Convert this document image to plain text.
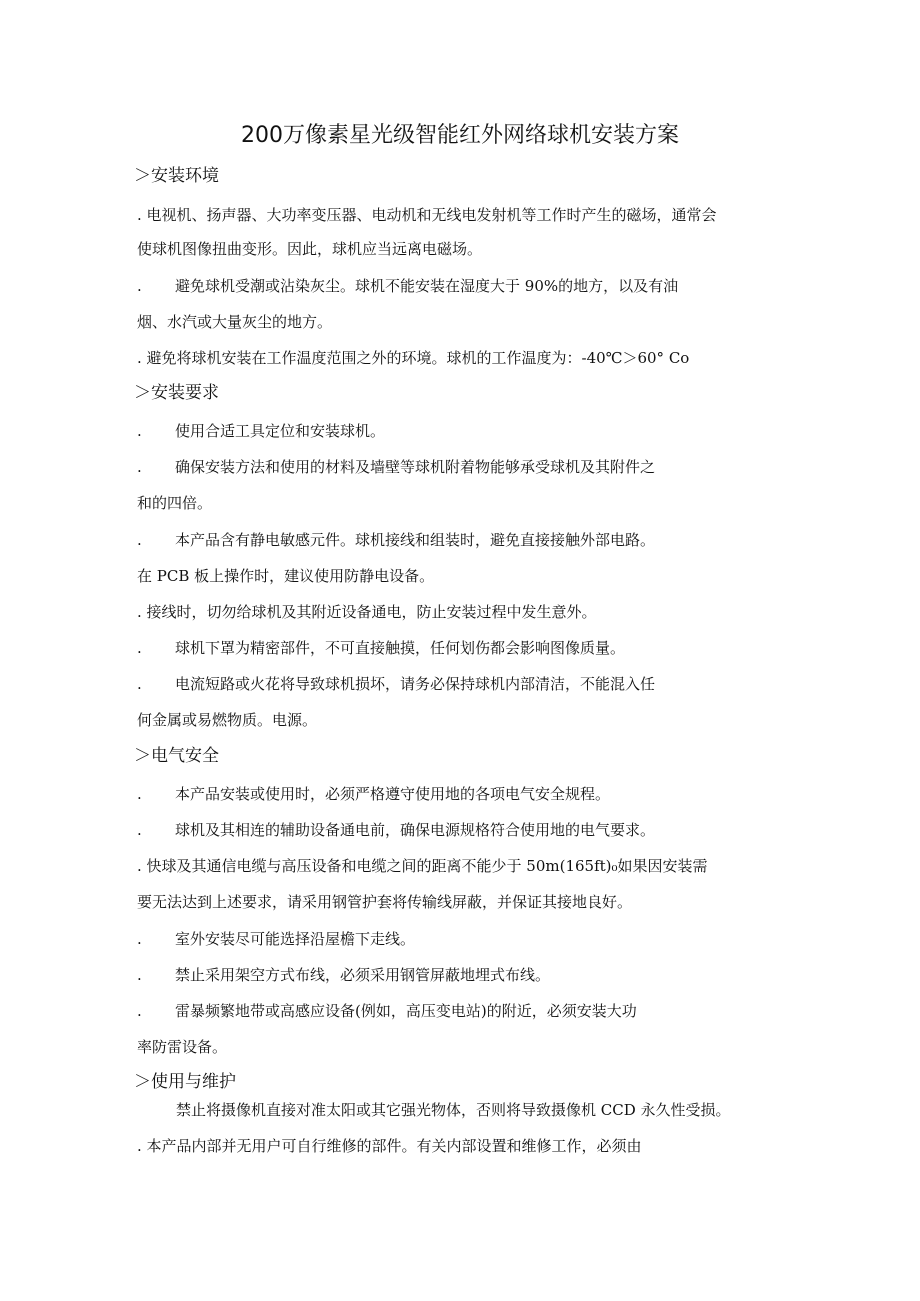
200万像素星光级智能红外网络球机安装方案
＞安装环境
. 电视机、扬声器、大功率变压器、电动机和无线电发射机等工作时产生的磁场，通常会
使球机图像扭曲变形。因此，球机应当远离电磁场。
. 避免球机受潮或沾染灰尘。球机不能安装在湿度大于 90%的地方，以及有油
烟、水汽或大量灰尘的地方。
. 避免将球机安装在工作温度范围之外的环境。球机的工作温度为：-40℃＞60° Co
＞安装要求
. 使用合适工具定位和安装球机。
. 确保安装方法和使用的材料及墙壁等球机附着物能够承受球机及其附件之
和的四倍。
. 本产品含有静电敏感元件。球机接线和组装时，避免直接接触外部电路。
在 PCB 板上操作时，建议使用防静电设备。
. 接线时，切勿给球机及其附近设备通电，防止安装过程中发生意外。
. 球机下罩为精密部件，不可直接触摸，任何划伤都会影响图像质量。
. 电流短路或火花将导致球机损坏，请务必保持球机内部清洁，不能混入任
何金属或易燃物质。电源。
＞电气安全
. 本产品安装或使用时，必须严格遵守使用地的各项电气安全规程。
. 球机及其相连的辅助设备通电前，确保电源规格符合使用地的电气要求。
. 快球及其通信电缆与高压设备和电缆之间的距离不能少于 50m(165ft)₀如果因安装需
要无法达到上述要求，请采用钢管护套将传输线屏蔽，并保证其接地良好。
. 室外安装尽可能选择沿屋檐下走线。
. 禁止采用架空方式布线，必须采用钢管屏蔽地埋式布线。
. 雷暴频繁地带或高感应设备(例如，高压变电站)的附近，必须安装大功
率防雷设备。
＞使用与维护
禁止将摄像机直接对准太阳或其它强光物体，否则将导致摄像机 CCD 永久性受损。
. 本产品内部并无用户可自行维修的部件。有关内部设置和维修工作，必须由
